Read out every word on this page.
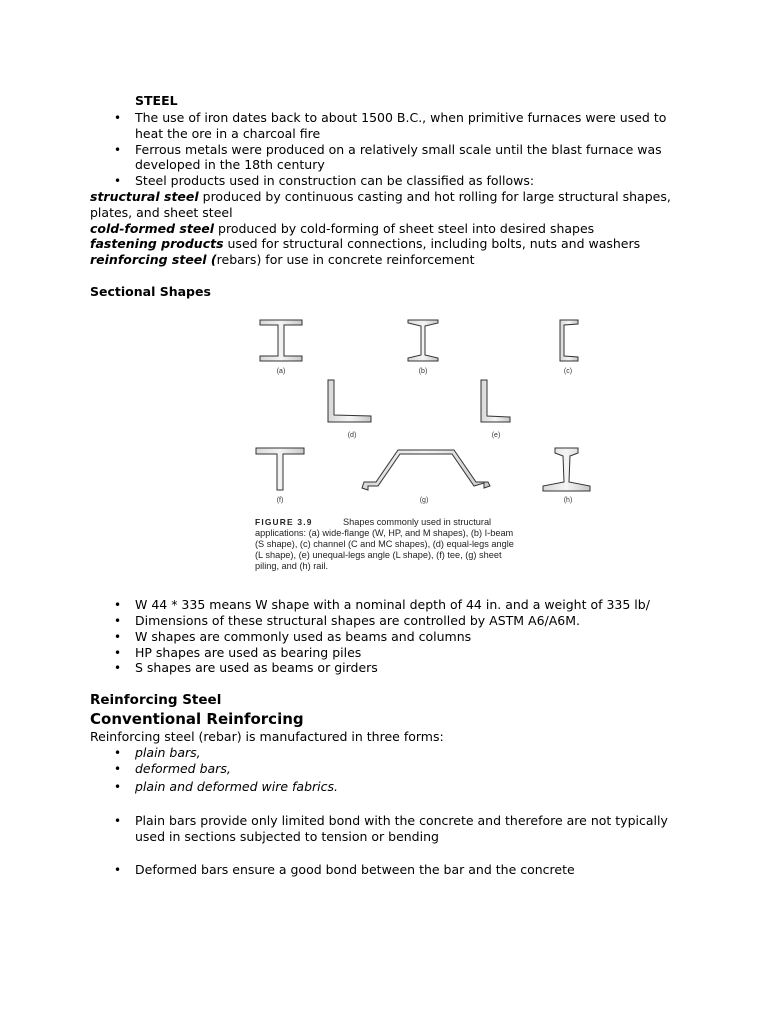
STEEL

• The use of iron dates back to about 1500 B.C., when primitive furnaces were used to

heat the ore in a charcoal fire

• Ferrous metals were produced on a relatively small scale until the blast furnace was

developed in the 18th century

• Steel products used in construction can be classified as follows:

structural steel produced by continuous casting and hot rolling for large structural shapes,

plates, and sheet steel

cold-formed steel produced by cold-forming of sheet steel into desired shapes

fastening products used for structural connections, including bolts, nuts and washers

reinforcing steel (rebars) for use in concrete reinforcement

Sectional Shapes

(a)	(b)	(c)
(d)	(e)
(f)	(g)	(h)
FIGURE 3.9	Shapes commonly used in structural
applications: (a) wide-flange (W, HP, and M shapes), (b) I-beam
(S shape), (c) channel (C and MC shapes), (d) equal-legs angle
(L shape), (e) unequal-legs angle (L shape), (f) tee, (g) sheet
piling, and (h) rail.
• W 44 * 335 means W shape with a nominal depth of 44 in. and a weight of 335 lb/

• Dimensions of these structural shapes are controlled by ASTM A6/A6M.

• W shapes are commonly used as beams and columns

• HP shapes are used as bearing piles

• S shapes are used as beams or girders

Reinforcing Steel

Conventional Reinforcing

Reinforcing steel (rebar) is manufactured in three forms:

• plain bars,

• deformed bars,

• plain and deformed wire fabrics.

• Plain bars provide only limited bond with the concrete and therefore are not typically

used in sections subjected to tension or bending

• Deformed bars ensure a good bond between the bar and the concrete
